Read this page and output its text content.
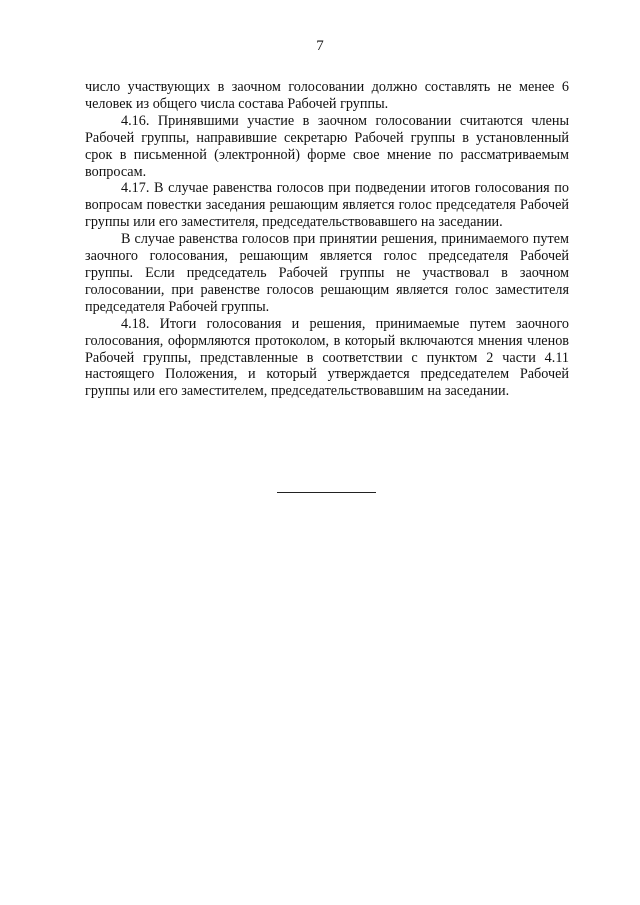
7

число участвующих в заочном голосовании должно составлять не менее 6 человек из общего числа состава Рабочей группы.

4.16. Принявшими участие в заочном голосовании считаются члены Рабочей группы, направившие секретарю Рабочей группы в установленный срок в письменной (электронной) форме свое мнение по рассматриваемым вопросам.

4.17. В случае равенства голосов при подведении итогов голосования по вопросам повестки заседания решающим является голос председателя Рабочей группы или его заместителя, председательствовавшего на заседании.

В случае равенства голосов при принятии решения, принимаемого путем заочного голосования, решающим является голос председателя Рабочей группы. Если председатель Рабочей группы не участвовал в заочном голосовании, при равенстве голосов решающим является голос заместителя председателя Рабочей группы.

4.18. Итоги голосования и решения, принимаемые путем заочного голосования, оформляются протоколом, в который включаются мнения членов Рабочей группы, представленные в соответствии с пунктом 2 части 4.11 настоящего Положения, и который утверждается председателем Рабочей группы или его заместителем, председательствовавшим на заседании.
